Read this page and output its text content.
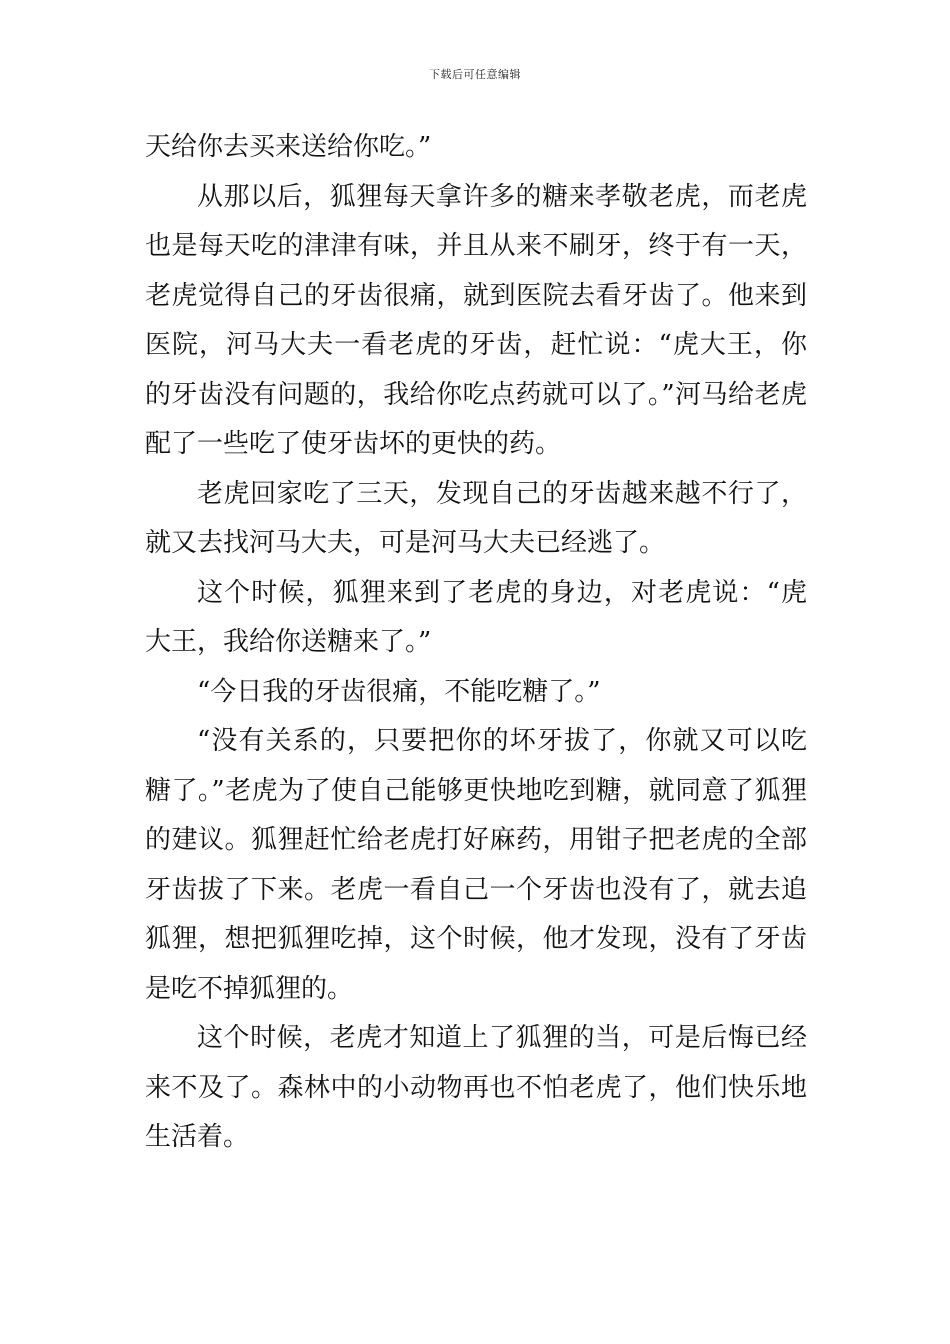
下载后可任意编辑

天给你去买来送给你吃。”

从那以后，狐狸每天拿许多的糖来孝敬老虎，而老虎也是每天吃的津津有味，并且从来不刷牙，终于有一天，老虎觉得自己的牙齿很痛，就到医院去看牙齿了。他来到医院，河马大夫一看老虎的牙齿，赶忙说：“虎大王，你的牙齿没有问题的，我给你吃点药就可以了。”河马给老虎配了一些吃了使牙齿坏的更快的药。

老虎回家吃了三天，发现自己的牙齿越来越不行了，就又去找河马大夫，可是河马大夫已经逃了。

这个时候，狐狸来到了老虎的身边，对老虎说：“虎大王，我给你送糖来了。”

“今日我的牙齿很痛，不能吃糖了。”

“没有关系的，只要把你的坏牙拔了，你就又可以吃糖了。”老虎为了使自己能够更快地吃到糖，就同意了狐狸的建议。狐狸赶忙给老虎打好麻药，用钳子把老虎的全部牙齿拔了下来。老虎一看自己一个牙齿也没有了，就去追狐狸，想把狐狸吃掉，这个时候，他才发现，没有了牙齿是吃不掉狐狸的。

这个时候，老虎才知道上了狐狸的当，可是后悔已经来不及了。森林中的小动物再也不怕老虎了，他们快乐地生活着。
